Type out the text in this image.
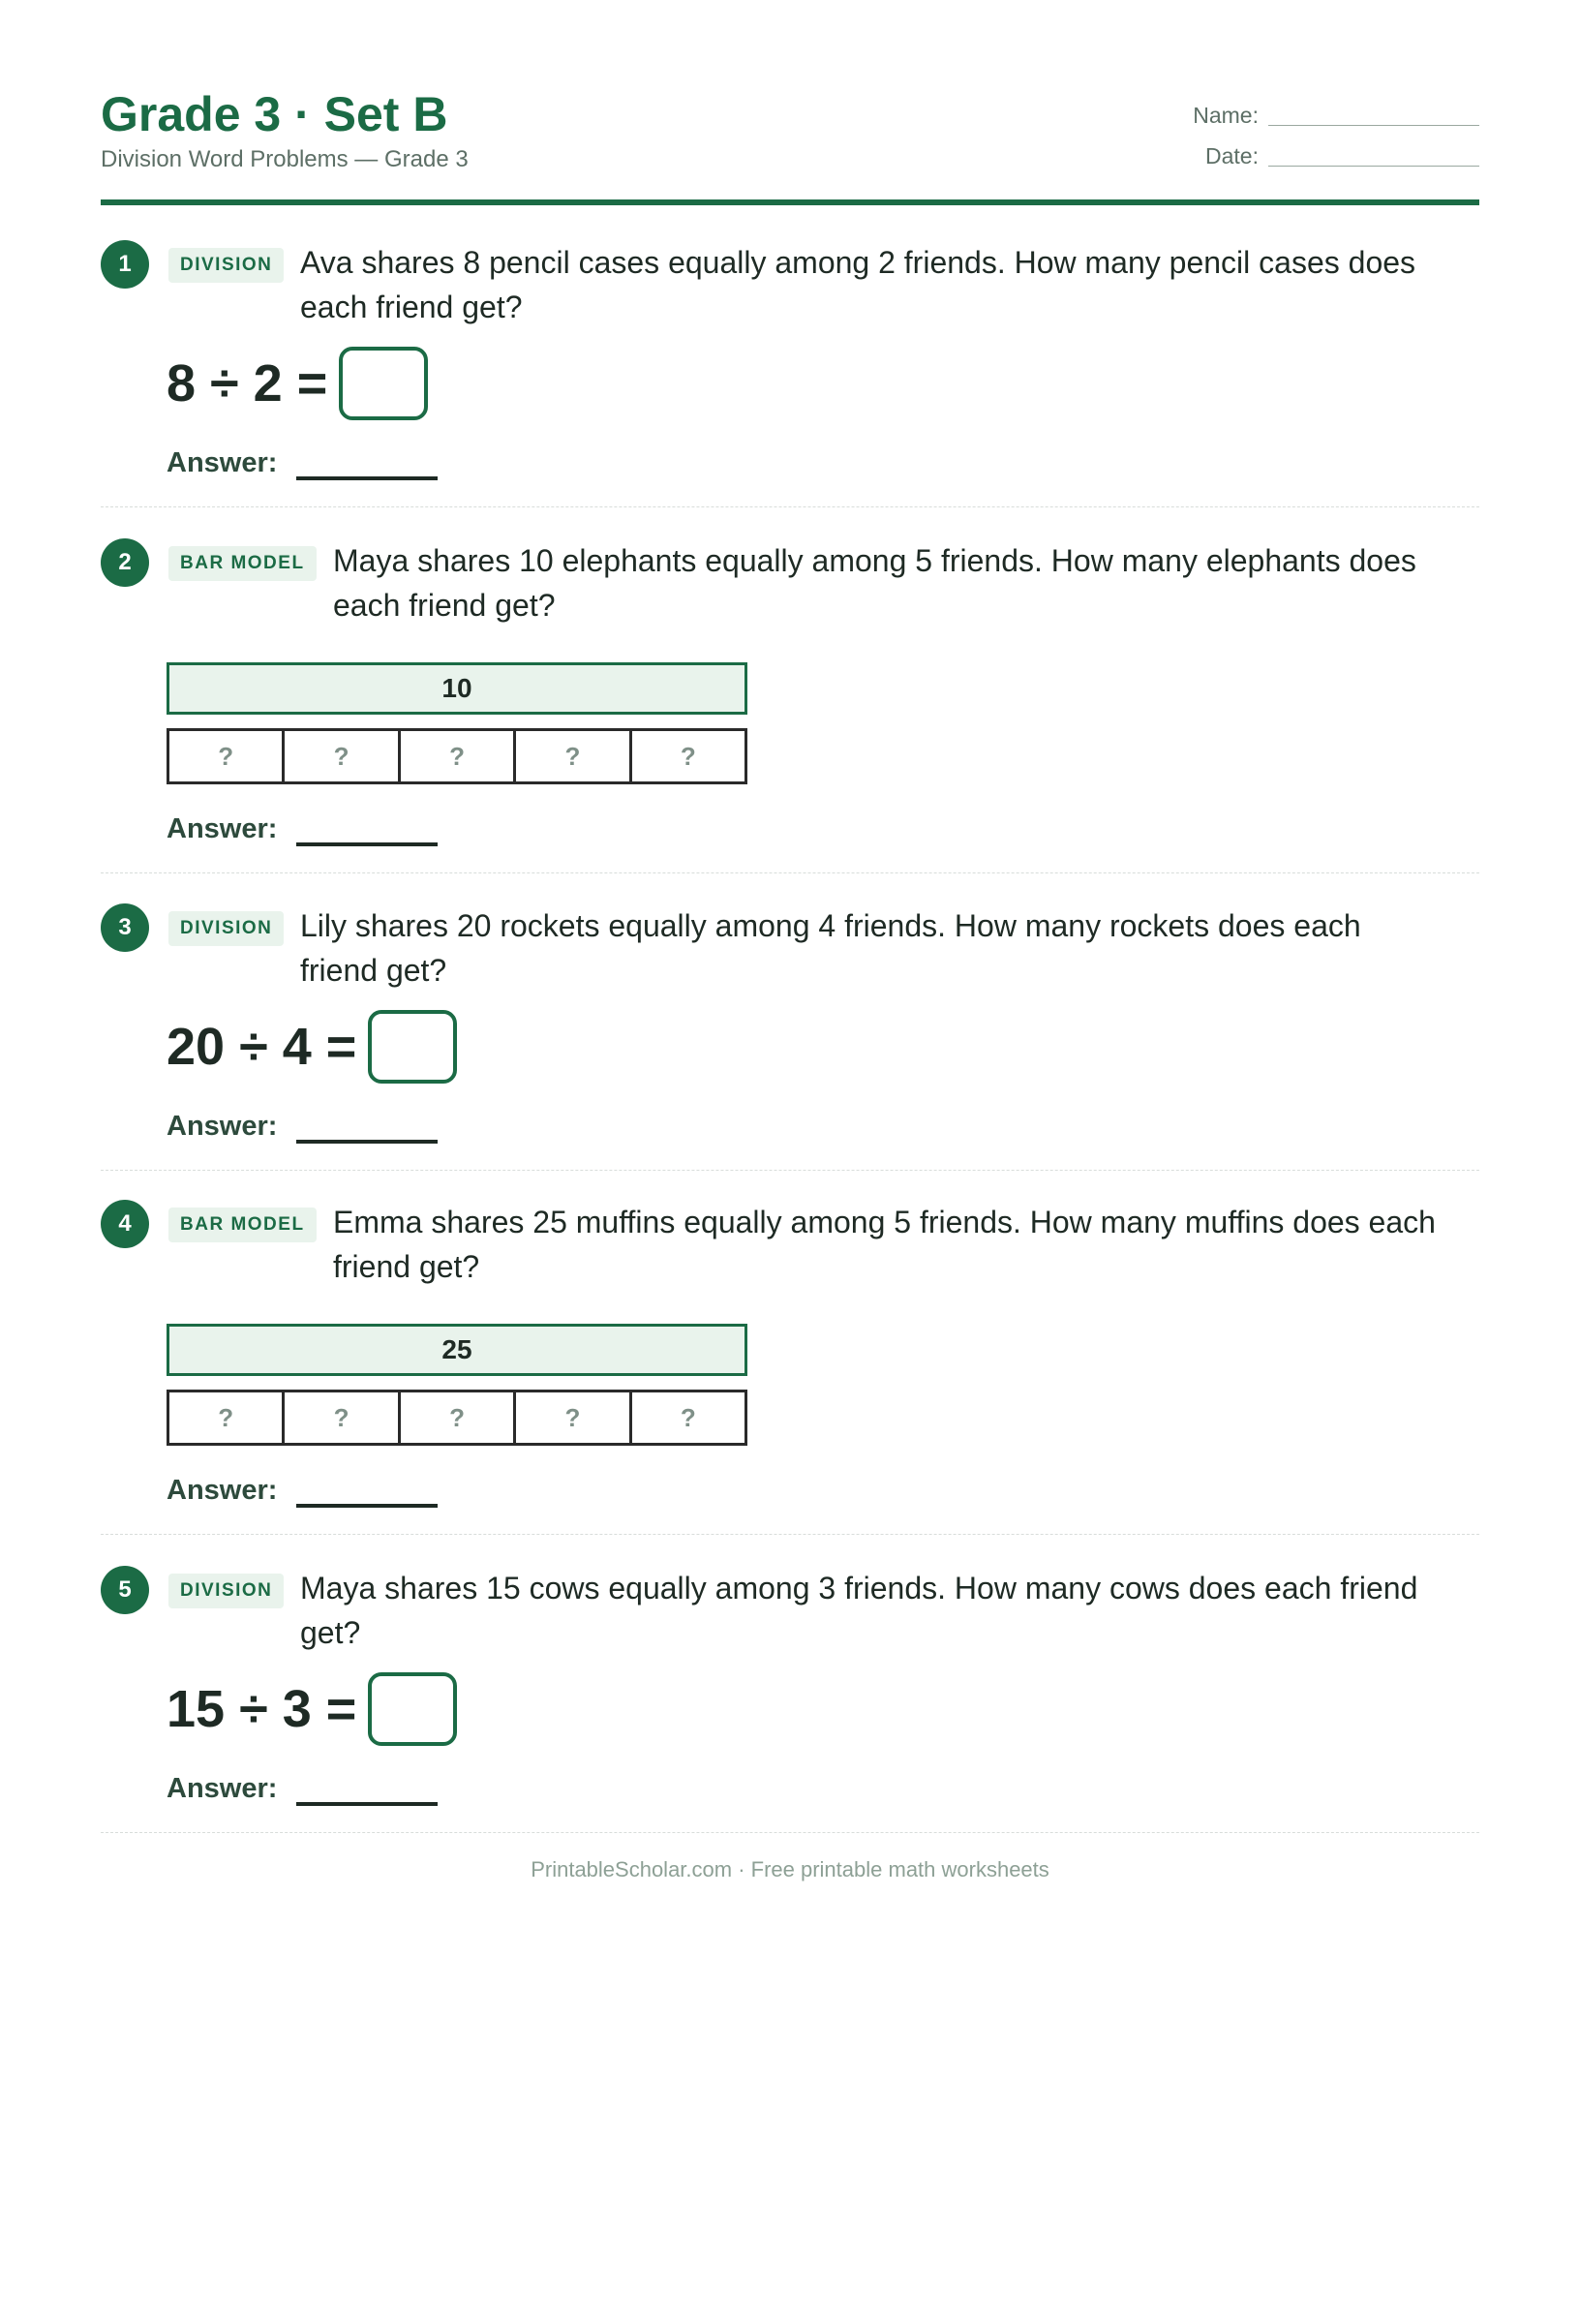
Grade 3 · Set B
Division Word Problems — Grade 3
Name:
Date:
1	DIVISION Ava shares 8 pencil cases equally among 2 friends. How many pencil cases does each friend get?
8 ÷ 2 =
Answer:
2	BAR MODEL Maya shares 10 elephants equally among 5 friends. How many elephants does each friend get?
10
?	?	?	?	?
Answer:
3	DIVISION Lily shares 20 rockets equally among 4 friends. How many rockets does each friend get?
20 ÷ 4 =
Answer:
4	BAR MODEL Emma shares 25 muffins equally among 5 friends. How many muffins does each friend get?
25
?	?	?	?	?
Answer:
5	DIVISION Maya shares 15 cows equally among 3 friends. How many cows does each friend get?
15 ÷ 3 =
Answer:
PrintableScholar.com · Free printable math worksheets
